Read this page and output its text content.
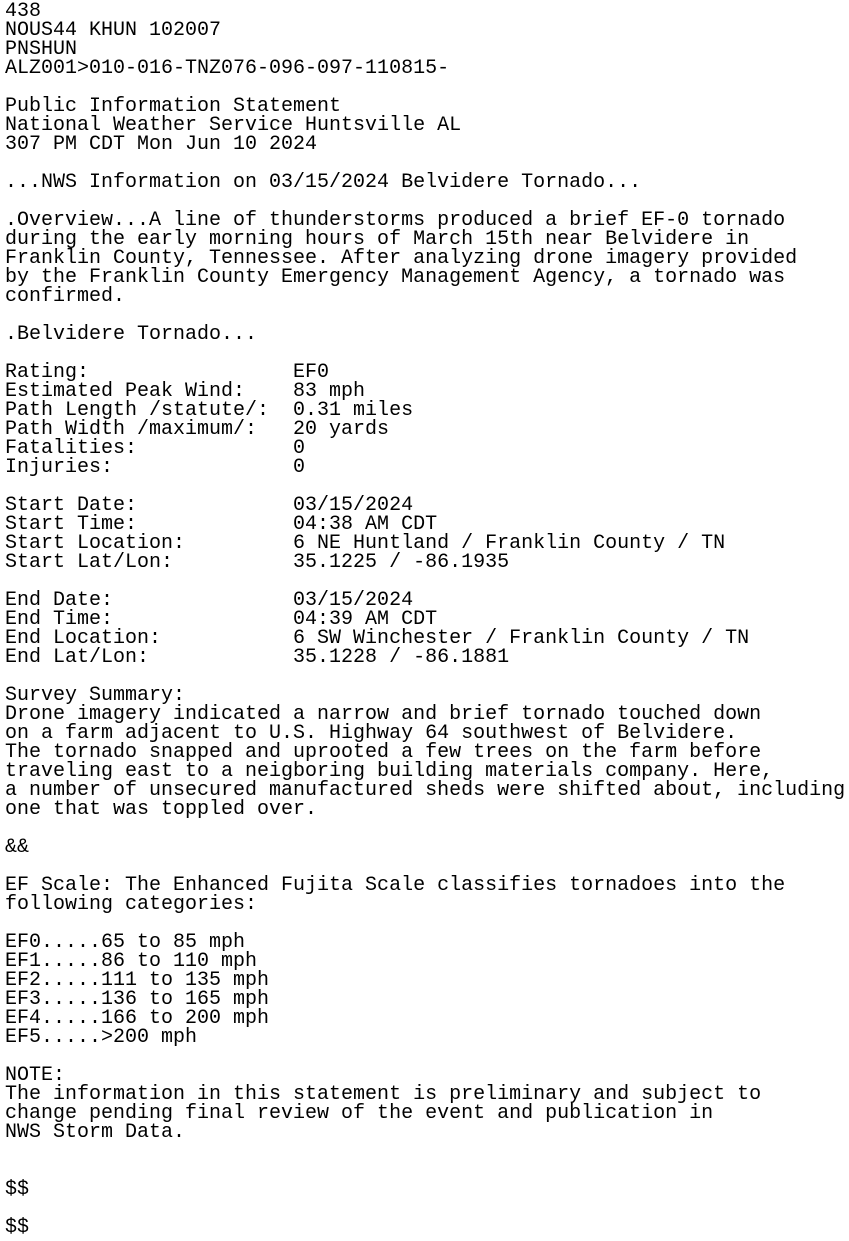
438
NOUS44 KHUN 102007
PNSHUN
ALZ001>010-016-TNZ076-096-097-110815-

Public Information Statement
National Weather Service Huntsville AL
307 PM CDT Mon Jun 10 2024

...NWS Information on 03/15/2024 Belvidere Tornado...

.Overview...A line of thunderstorms produced a brief EF-0 tornado
during the early morning hours of March 15th near Belvidere in
Franklin County, Tennessee. After analyzing drone imagery provided
by the Franklin County Emergency Management Agency, a tornado was
confirmed.

.Belvidere Tornado...

Rating:                 EF0
Estimated Peak Wind:    83 mph
Path Length /statute/:  0.31 miles
Path Width /maximum/:   20 yards
Fatalities:             0
Injuries:               0

Start Date:             03/15/2024
Start Time:             04:38 AM CDT
Start Location:         6 NE Huntland / Franklin County / TN
Start Lat/Lon:          35.1225 / -86.1935

End Date:               03/15/2024
End Time:               04:39 AM CDT
End Location:           6 SW Winchester / Franklin County / TN
End Lat/Lon:            35.1228 / -86.1881

Survey Summary:
Drone imagery indicated a narrow and brief tornado touched down
on a farm adjacent to U.S. Highway 64 southwest of Belvidere.
The tornado snapped and uprooted a few trees on the farm before
traveling east to a neigboring building materials company. Here,
a number of unsecured manufactured sheds were shifted about, including
one that was toppled over.

&&

EF Scale: The Enhanced Fujita Scale classifies tornadoes into the
following categories:

EF0.....65 to 85 mph
EF1.....86 to 110 mph
EF2.....111 to 135 mph
EF3.....136 to 165 mph
EF4.....166 to 200 mph
EF5.....>200 mph

NOTE:
The information in this statement is preliminary and subject to
change pending final review of the event and publication in
NWS Storm Data.

$$

$$
